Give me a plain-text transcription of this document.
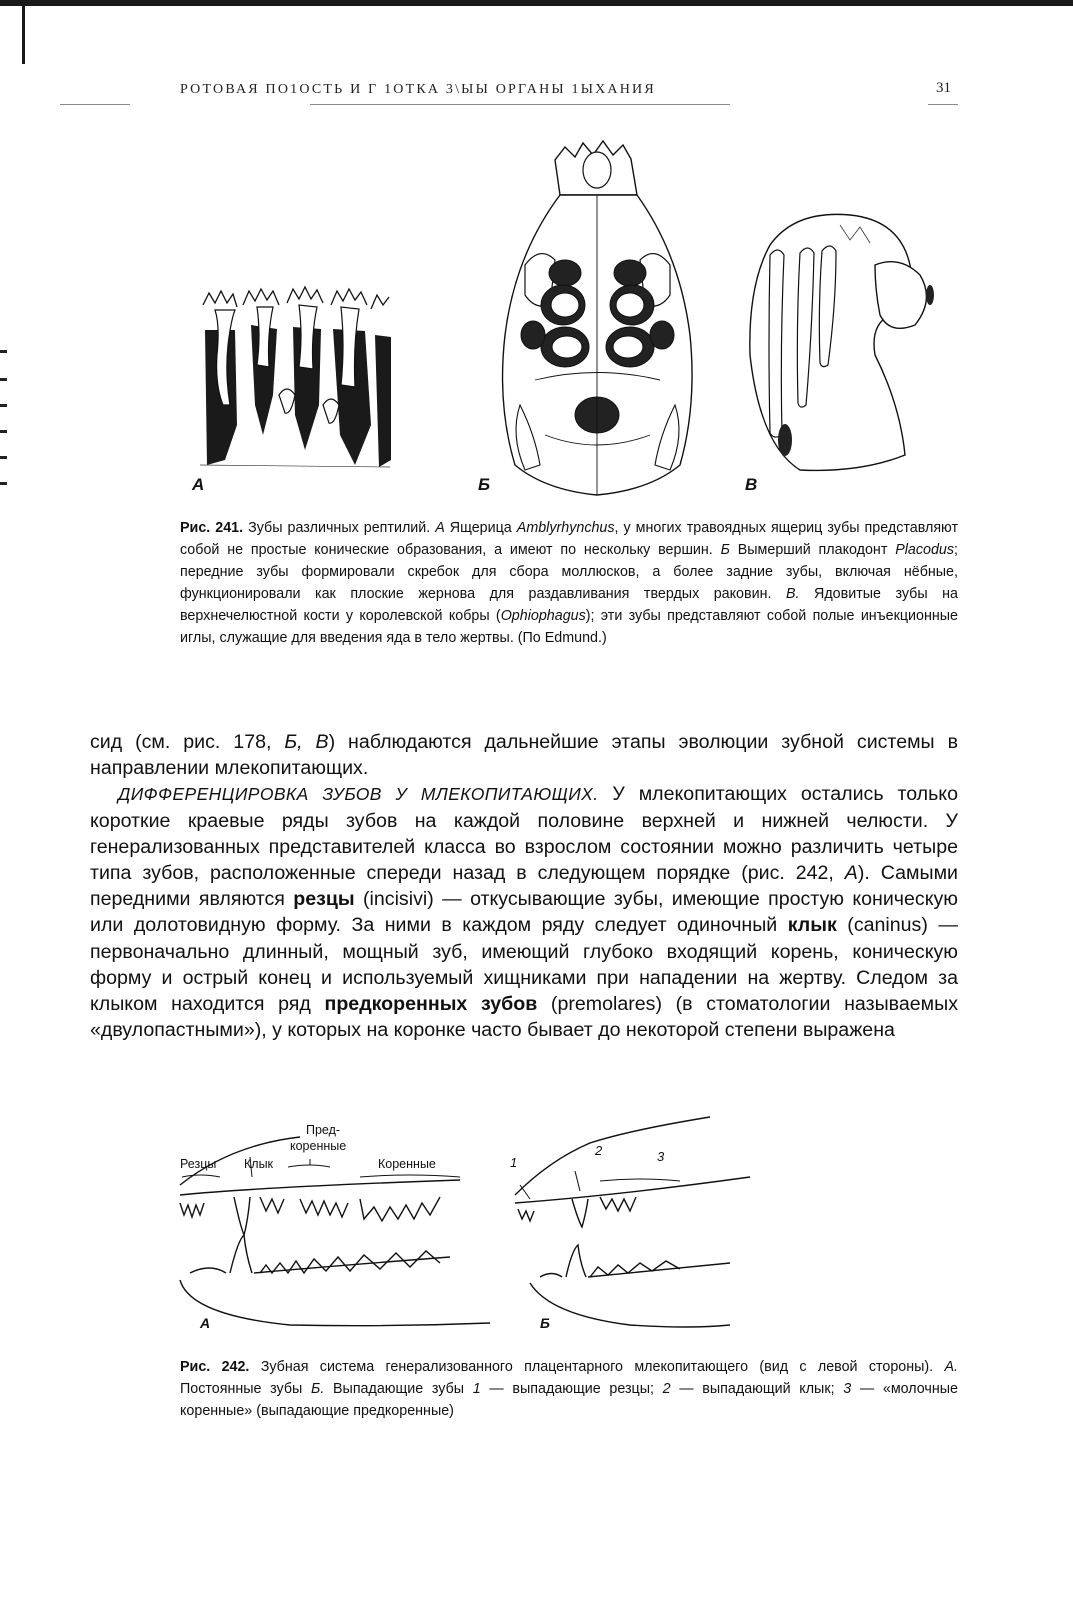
РОТОВАЯ ПО1ОСТЬ И Г 1ОТКА 3\ЫЫ ОРГАНЫ 1ЫХАНИЯ	31
А	Б	В
Рис. 241. Зубы различных рептилий. А Ящерица Amblyrhynchus, у многих травоядных ящериц зубы представляют собой не простые конические образования, а имеют по нескольку вершин. Б Вымерший плакодонт Placodus; передние зубы формировали скребок для сбора моллюсков, а более задние зубы, включая нёбные, функционировали как плоские жернова для раздавливания твердых раковин. В. Ядовитые зубы на верхнечелюстной кости у королевской кобры (Ophiophagus); эти зубы представляют собой полые инъекционные иглы, служащие для введения яда в тело жертвы. (По Edmund.)

сид (см. рис. 178, Б, В) наблюдаются дальнейшие этапы эволюции зубной системы в направлении млекопитающих.

ДИФФЕРЕНЦИРОВКА ЗУБОВ У МЛЕКОПИТАЮЩИХ. У млекопитающих остались только короткие краевые ряды зубов на каждой половине верхней и нижней челюсти. У генерализованных представителей класса во взрослом состоянии можно различить четыре типа зубов, расположенные спереди назад в следующем порядке (рис. 242, А). Самыми передними являются резцы (incisivi) — откусывающие зубы, имеющие простую коническую или долотовидную форму. За ними в каждом ряду следует одиночный клык (caninus) — первоначально длинный, мощный зуб, имеющий глубоко входящий корень, коническую форму и острый конец и используемый хищниками при нападении на жертву. Следом за клыком находится ряд предкоренных зубов (premolares) (в стоматологии называемых «двулопастными»), у которых на коронке часто бывает до некоторой степени выражена

Резцы Клык
Пред-
коренные
Коренные	1
2	3
А	Б
Рис. 242. Зубная система генерализованного плацентарного млекопитающего (вид с левой стороны). А. Постоянные зубы Б. Выпадающие зубы 1 — выпадающие резцы; 2 — выпадающий клык; 3 — «молочные коренные» (выпадающие предкоренные)
